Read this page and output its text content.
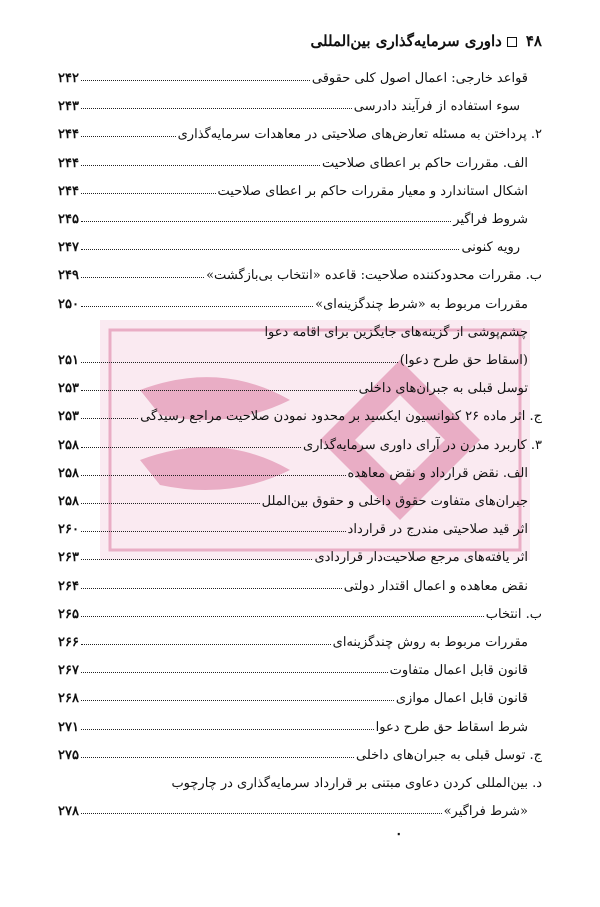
۴۸داوری سرمایه‌گذاری بین‌المللی
قواعد خارجی: اعمال اصول کلی حقوقی
۲۴۲
سوء استفاده از فرآیند دادرسی
۲۴۳
۲. پرداختن به مسئله تعارض‌های صلاحیتی در معاهدات سرمایه‌گذاری
۲۴۴
الف. مقررات حاکم بر اعطای صلاحیت
۲۴۴
اشکال استاندارد و معیار مقررات حاکم بر اعطای صلاحیت
۲۴۴
شروط فراگیر
۲۴۵
رویه کنونی
۲۴۷
ب. مقررات محدودکننده صلاحیت: قاعده «انتخاب بی‌بازگشت»
۲۴۹
مقررات مربوط به «شرط چندگزینه‌ای»
۲۵۰
چشم‌پوشی از گزینه‌های جایگزین برای اقامه دعوا
(اسقاط حق طرح دعوا)
۲۵۱
توسل قبلی به جبران‌های داخلی
۲۵۳
ج. اثر ماده ۲۶ کنوانسیون ایکسید بر محدود نمودن صلاحیت مراجع رسیدگی
۲۵۳
۳. کاربرد مدرن در آرای داوری سرمایه‌گذاری
۲۵۸
الف. نقض قرارداد و نقض معاهده
۲۵۸
جبران‌های متفاوت حقوق داخلی و حقوق بین‌الملل
۲۵۸
اثر قید صلاحیتی مندرج در قرارداد
۲۶۰
اثر یافته‌های مرجع صلاحیت‌دار قراردادی
۲۶۳
نقض معاهده و اعمال اقتدار دولتی
۲۶۴
ب. انتخاب
۲۶۵
مقررات مربوط به روش چندگزینه‌ای
۲۶۶
قانون قابل اعمال متفاوت
۲۶۷
قانون قابل اعمال موازی
۲۶۸
شرط اسقاط حق طرح دعوا
۲۷۱
ج. توسل قبلی به جبران‌های داخلی
۲۷۵
د. بین‌المللی کردن دعاوی مبتنی بر قرارداد سرمایه‌گذاری در چارچوب
«شرط فراگیر»
۲۷۸
٠
